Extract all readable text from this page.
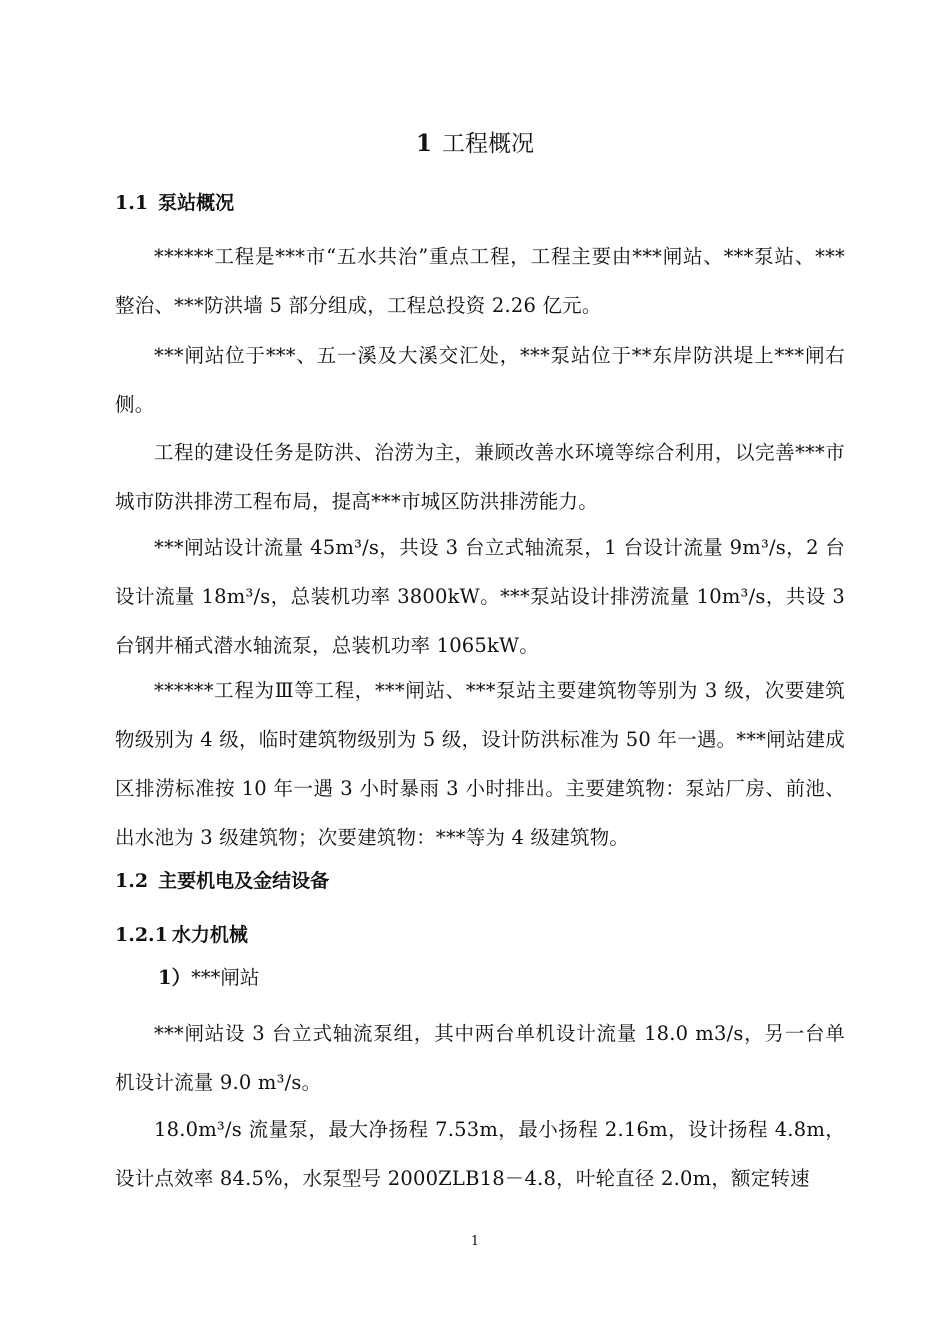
1 工程概况
1.1 泵站概况
******工程是***市“五水共治”重点工程，工程主要由***闸站、***泵站、***整治、***防洪墙 5 部分组成，工程总投资 2.26 亿元。
***闸站位于***、五一溪及大溪交汇处，***泵站位于**东岸防洪堤上***闸右侧。
工程的建设任务是防洪、治涝为主，兼顾改善水环境等综合利用，以完善***市城市防洪排涝工程布局，提高***市城区防洪排涝能力。
***闸站设计流量 45m³/s，共设 3 台立式轴流泵，1 台设计流量 9m³/s，2 台设计流量 18m³/s，总装机功率 3800kW。***泵站设计排涝流量 10m³/s，共设 3 台钢井桶式潜水轴流泵，总装机功率 1065kW。
******工程为Ⅲ等工程，***闸站、***泵站主要建筑物等别为 3 级，次要建筑物级别为 4 级，临时建筑物级别为 5 级，设计防洪标准为 50 年一遇。***闸站建成区排涝标准按 10 年一遇 3 小时暴雨 3 小时排出。主要建筑物：泵站厂房、前池、出水池为 3 级建筑物；次要建筑物：***等为 4 级建筑物。
1.2 主要机电及金结设备
1.2.1 水力机械
1）***闸站
***闸站设 3 台立式轴流泵组，其中两台单机设计流量 18.0 m3/s，另一台单机设计流量 9.0 m³/s。
18.0m³/s 流量泵，最大净扬程 7.53m，最小扬程 2.16m，设计扬程 4.8m，设计点效率 84.5%，水泵型号 2000ZLB18－4.8，叶轮直径 2.0m，额定转速
1
